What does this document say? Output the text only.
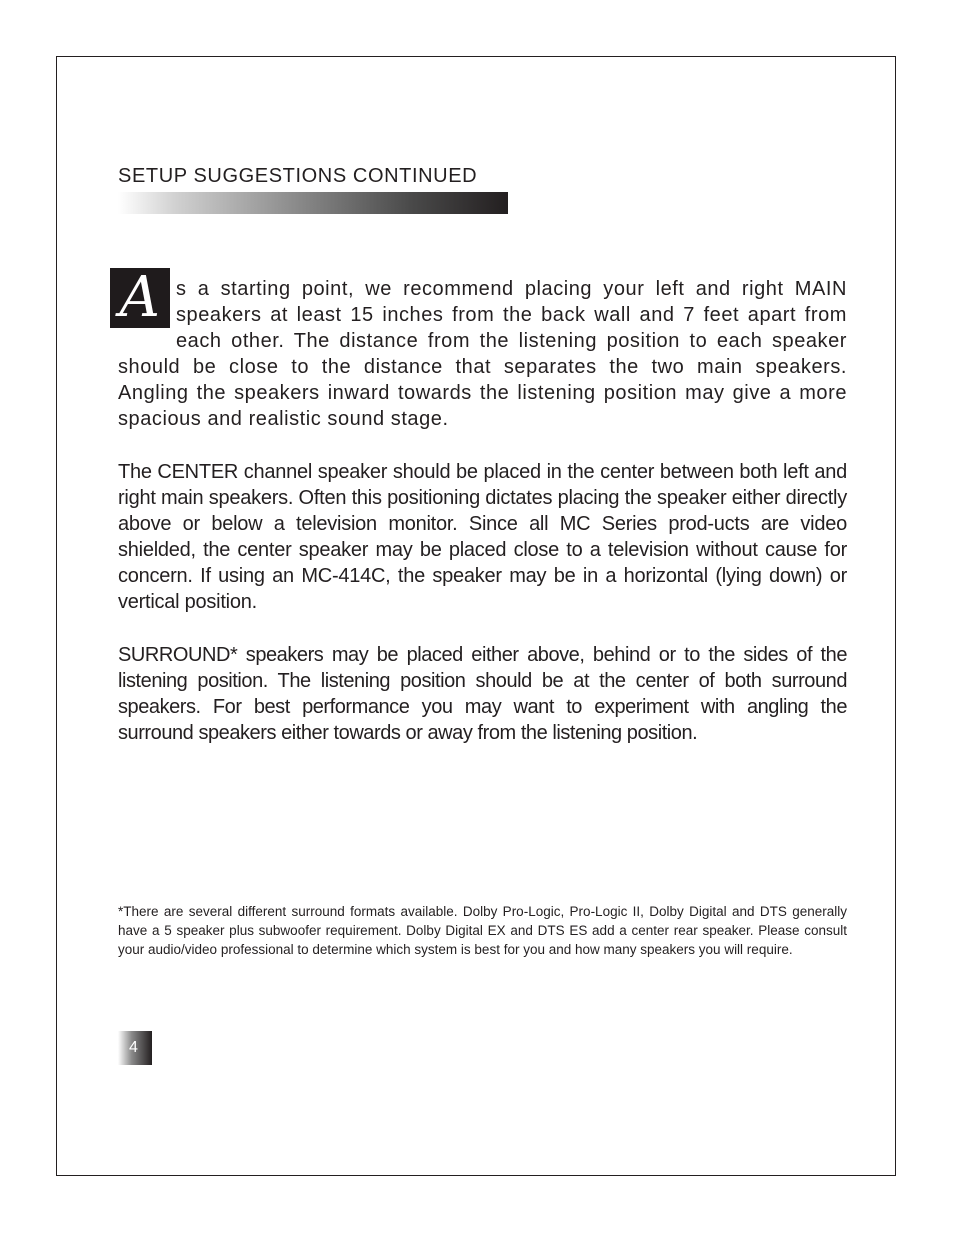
SETUP SUGGESTIONS CONTINUED

A s a starting point, we recommend placing your left and right MAIN speakers at least 15 inches from the back wall and 7 feet apart from each other. The distance from the listening position to each speaker should be close to the distance that separates the two main speakers. Angling the speakers inward towards the listening position may give a more spacious and realistic sound stage.

The CENTER channel speaker should be placed in the center between both left and right main speakers. Often this positioning dictates placing the speaker either directly above or below a television monitor. Since all MC Series prod-ucts are video shielded, the center speaker may be placed close to a television without cause for concern. If using an MC-414C, the speaker may be in a horizontal (lying down) or vertical position.

SURROUND* speakers may be placed either above, behind or to the sides of the listening position. The listening position should be at the center of both surround speakers. For best performance you may want to experiment with angling the surround speakers either towards or away from the listening position.

*There are several different surround formats available. Dolby Pro-Logic, Pro-Logic II, Dolby Digital and DTS generally have a 5 speaker plus subwoofer requirement. Dolby Digital EX and DTS ES add a center rear speaker. Please consult your audio/video professional to determine which system is best for you and how many speakers you will require.

4
